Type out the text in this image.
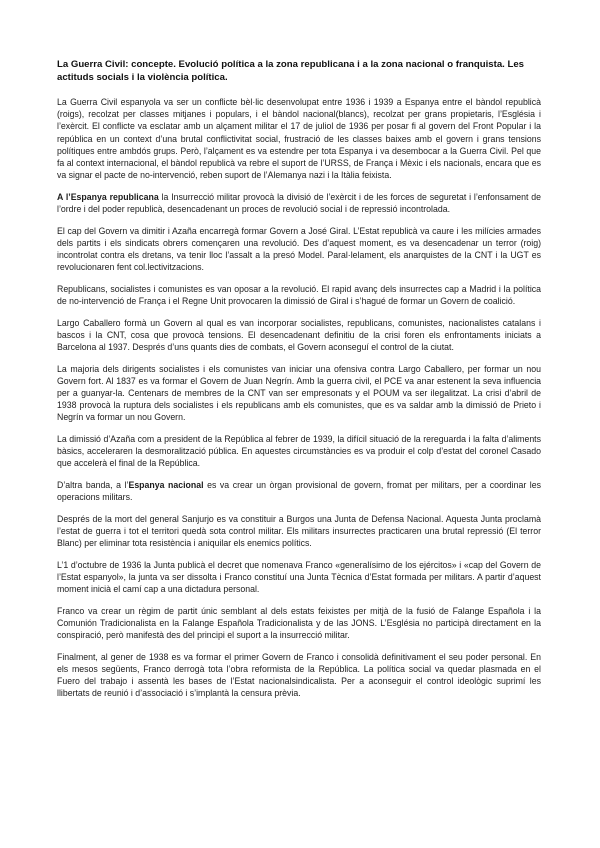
La Guerra Civil: concepte. Evolució política a la zona republicana i a la zona nacional o franquista. Les actituds socials i la violència política.

La Guerra Civil espanyola va ser un conflicte bèl·lic desenvolupat entre 1936 i 1939 a Espanya entre el bàndol republicà (roigs), recolzat per classes mitjanes i populars, i el bàndol nacional(blancs), recolzat per grans propietaris, l’Església i l’exèrcit. El conflicte va esclatar amb un alçament militar el 17 de juliol de 1936 per posar fi al govern del Front Popular i la república en un context d’una brutal conflictivitat social, frustració de les classes baixes amb el govern i grans tensions polítiques entre ambdós grups. Però, l’alçament es va estendre per tota Espanya i va desembocar a la Guerra Civil. Pel que fa al context internacional, el bàndol republicà va rebre el suport de l’URSS, de França i Mèxic i els nacionals, encara que es va signar el pacte de no-intervenció, reben suport de l’Alemanya nazi i la Itàlia feixista.

A l’Espanya republicana la Insurrecció militar provocà la divisió de l’exèrcit i de les forces de seguretat i l’enfonsament de l’ordre i del poder republicà, desencadenant un proces de revolució social i de repressió incontrolada.

El cap del Govern va dimitir i Azaña encarregà formar Govern a José Giral. L’Estat republicà va caure i les milícies armades dels partits i els sindicats obrers començaren una revolució. Des d’aquest moment, es va desencadenar un terror (roig) incontrolat contra els dretans, va tenir lloc l’assalt a la presó Model. Paral·lelament, els anarquistes de la CNT i la UGT es revolucionaren fent col.lectivitzacions.

Republicans, socialistes i comunistes es van oposar a la revolució. El rapid avanç dels insurrectes cap a Madrid i la política de no-intervenció de França i el Regne Unit provocaren la dimissió de Giral i s’hagué de formar un Govern de coalició.

Largo Caballero formà un Govern al qual es van incorporar socialistes, republicans, comunistes, nacionalistes catalans i bascos i la CNT, cosa que provocà tensions. El desencadenant definitiu de la crisi foren els enfrontaments iniciats a Barcelona al 1937. Després d’uns quants dies de combats, el Govern aconseguí el control de la ciutat.

La majoria dels dirigents socialistes i els comunistes van iniciar una ofensiva contra Largo Caballero, per formar un nou Govern fort. Al 1837 es va formar el Govern de Juan Negrín. Amb la guerra civil, el PCE va anar estenent la seva influencia per a guanyar-la. Centenars de membres de la CNT van ser empresonats y el POUM va ser ilegalitzat. La crisi d’abril de 1938 provocà la ruptura dels socialistes i els republicans amb els comunistes, que es va saldar amb la dimissió de Prieto i Negrín va formar un nou Govern.

La dimissió d’Azaña com a president de la República al febrer de 1939, la difícil situació de la rereguarda i la falta d’aliments bàsics, acceleraren la desmoralització pública. En aquestes circumstàncies es va produir el colp d’estat del coronel Casado que accelerà el final de la República.

D’altra banda, a l’Espanya nacional es va crear un òrgan provisional de govern, fromat per militars, per a coordinar les operacions militars.

Després de la mort del general Sanjurjo es va constituir a Burgos una Junta de Defensa Nacional. Aquesta Junta proclamà l’estat de guerra i tot el territori quedà sota control militar. Els militars insurrectes practicaren una brutal repressió (El terror Blanc) per eliminar tota resistència i aniquilar els enemics polítics.

L’1 d’octubre de 1936 la Junta publicà el decret que nomenava Franco «generalísimo de los ejércitos» i «cap del Govern de l’Estat espanyol», la junta va ser dissolta i Franco constituí una Junta Tècnica d’Estat formada per militars. A partir d’aquest moment inicià el camí cap a una dictadura personal.

Franco va crear un règim de partit únic semblant al dels estats feixistes per mitjà de la fusió de Falange Española i la Comunión Tradicionalista en la Falange Española Tradicionalista y de las JONS. L’Església no participà directament en la conspiració, però manifestà des del principi el suport a la insurrecció militar.

Finalment, al gener de 1938 es va formar el primer Govern de Franco i consolidà definitivament el seu poder personal. En els mesos següents, Franco derrogà tota l’obra reformista de la República. La política social va quedar plasmada en el Fuero del trabajo i assentà les bases de l’Estat nacionalsindicalista. Per a aconseguir el control ideològic suprimí les llibertats de reunió i d’associació i s’implantà la censura prèvia.
